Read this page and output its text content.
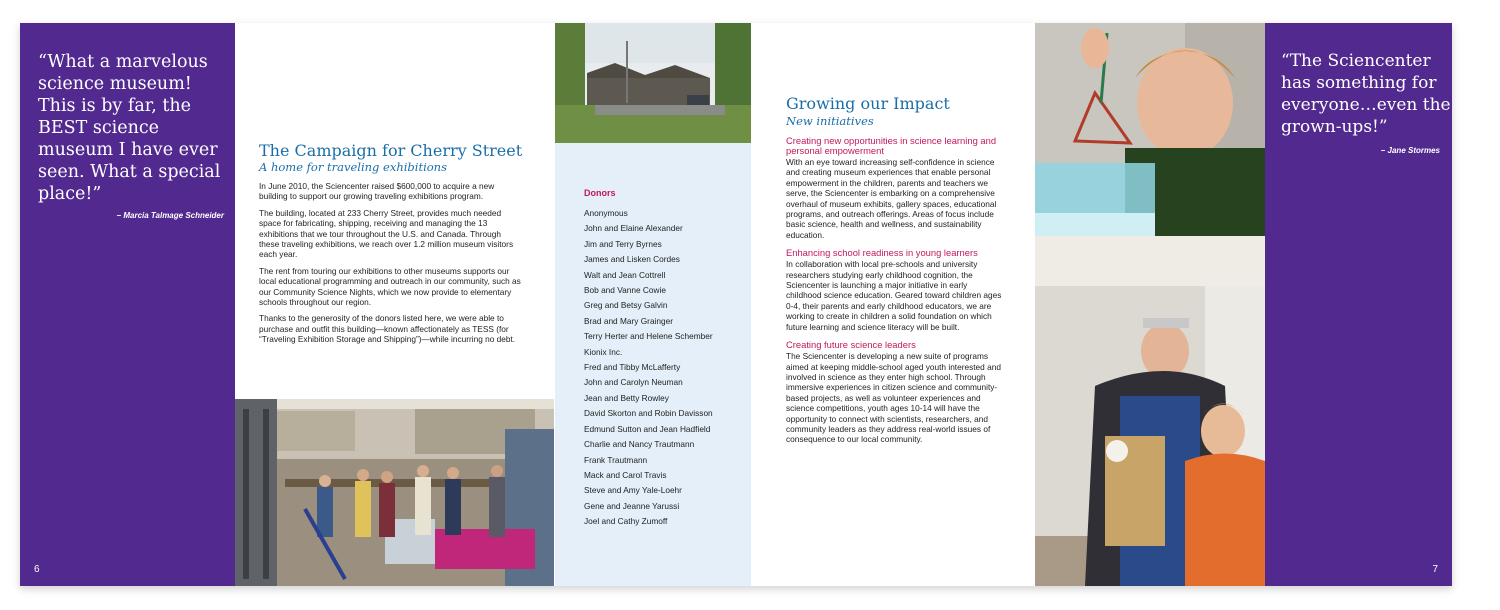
“What a marvelous science museum! This is by far, the BEST science museum I have ever seen. What a special place!”
– Marcia Talmage Schneider
6
The Campaign for Cherry Street
A home for traveling exhibitions

In June 2010, the Sciencenter raised $600,000 to acquire a new building to support our growing traveling exhibitions program.

The building, located at 233 Cherry Street, provides much needed space for fabricating, shipping, receiving and managing the 13 exhibitions that we tour throughout the U.S. and Canada. Through these traveling exhibitions, we reach over 1.2 million museum visitors each year.

The rent from touring our exhibitions to other museums supports our local educational programming and outreach in our community, such as our Community Science Nights, which we now provide to elementary schools throughout our region.

Thanks to the generosity of the donors listed here, we were able to purchase and outfit this building—known affectionately as TESS (for “Traveling Exhibition Storage and Shipping”)—while incurring no debt.

Donors
Anonymous
John and Elaine Alexander
Jim and Terry Byrnes
James and Lisken Cordes
Walt and Jean Cottrell
Bob and Vanne Cowie
Greg and Betsy Galvin
Brad and Mary Grainger
Terry Herter and Helene Schember
Kionix Inc.
Fred and Tibby McLafferty
John and Carolyn Neuman
Jean and Betty Rowley
David Skorton and Robin Davisson
Edmund Sutton and Jean Hadfield
Charlie and Nancy Trautmann
Frank Trautmann
Mack and Carol Travis
Steve and Amy Yale-Loehr
Gene and Jeanne Yarussi
Joel and Cathy Zumoff
Growing our Impact
New initiatives
Creating new opportunities in science learning and personal empowerment
With an eye toward increasing self-confidence in science and creating museum experiences that enable personal empowerment in the children, parents and teachers we serve, the Sciencenter is embarking on a comprehensive overhaul of museum exhibits, gallery spaces, educational programs, and outreach offerings. Areas of focus include basic science, health and wellness, and sustainability education.
Enhancing school readiness in young learners
In collaboration with local pre-schools and university researchers studying early childhood cognition, the Sciencenter is launching a major initiative in early childhood science education. Geared toward children ages 0-4, their parents and early childhood educators, we are working to create in children a solid foundation on which future learning and science literacy will be built.
Creating future science leaders
The Sciencenter is developing a new suite of programs aimed at keeping middle-school aged youth interested and involved in science as they enter high school. Through immersive experiences in citizen science and community-based projects, as well as volunteer experiences and science competitions, youth ages 10-14 will have the opportunity to connect with scientists, researchers, and community leaders as they address real-world issues of consequence to our local community.
“The Sciencenter has something for everyone…even the grown-ups!”
– Jane Stormes
7
